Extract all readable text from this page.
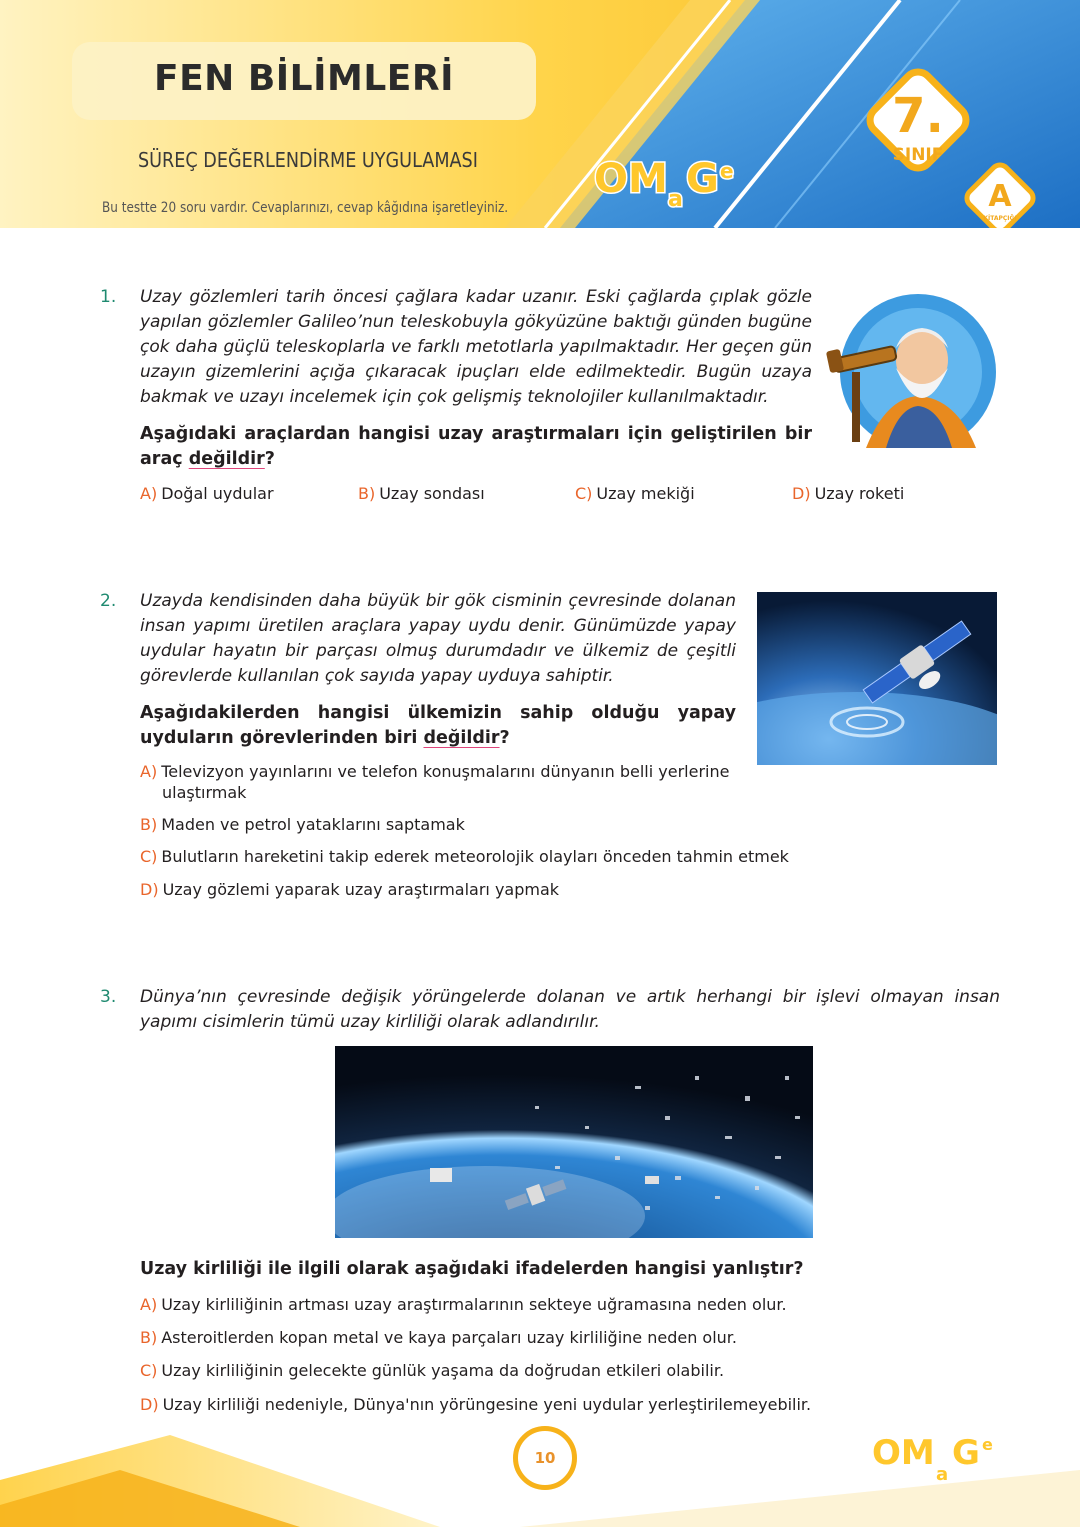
FEN BİLİMLERİ
SÜREÇ DEĞERLENDİRME UYGULAMASI
Bu testte 20 soru vardır. Cevaplarınızı, cevap kâğıdına işaretleyiniz.
OM a G e
7.
SINIF
A
KİTAPÇIĞI
1. Uzay gözlemleri tarih öncesi çağlara kadar uzanır. Eski çağlarda çıplak gözle yapılan gözlemler Galileo’nun teleskobuyla gökyüzüne baktığı günden bugüne çok daha güçlü teleskoplarla ve farklı metotlarla yapılmaktadır. Her geçen gün uzayın gizemlerini açığa çıkaracak ipuçları elde edilmektedir. Bugün uzaya bakmak ve uzayı incelemek için çok gelişmiş teknolojiler kullanılmaktadır.

Aşağıdaki araçlardan hangisi uzay araştırmaları için geliştirilen bir araç değildir?

A) Doğal uydular	B) Uzay sondası	C) Uzay mekiği	D) Uzay roketi
2. Uzayda kendisinden daha büyük bir gök cisminin çevresinde dolanan insan yapımı üretilen araçlara yapay uydu denir. Günümüzde yapay uydular hayatın bir parçası olmuş durumdadır ve ülkemiz de çeşitli görevlerde kullanılan çok sayıda yapay uyduya sahiptir.

Aşağıdakilerden hangisi ülkemizin sahip olduğu yapay uyduların görevlerinden biri değildir?

A) Televizyon yayınlarını ve telefon konuşmalarını dünyanın belli yerlerine ulaştırmak
B) Maden ve petrol yataklarını saptamak
C) Bulutların hareketini takip ederek meteorolojik olayları önceden tahmin etmek
D) Uzay gözlemi yaparak uzay araştırmaları yapmak
3. Dünya’nın çevresinde değişik yörüngelerde dolanan ve artık herhangi bir işlevi olmayan insan yapımı cisimlerin tümü uzay kirliliği olarak adlandırılır.

Uzay kirliliği ile ilgili olarak aşağıdaki ifadelerden hangisi yanlıştır?

A) Uzay kirliliğinin artması uzay araştırmalarının sekteye uğramasına neden olur.
B) Asteroitlerden kopan metal ve kaya parçaları uzay kirliliğine neden olur.
C) Uzay kirliliğinin gelecekte günlük yaşama da doğrudan etkileri olabilir.
D) Uzay kirliliği nedeniyle, Dünya'nın yörüngesine yeni uydular yerleştirilemeyebilir.
10	OM
a
G e
